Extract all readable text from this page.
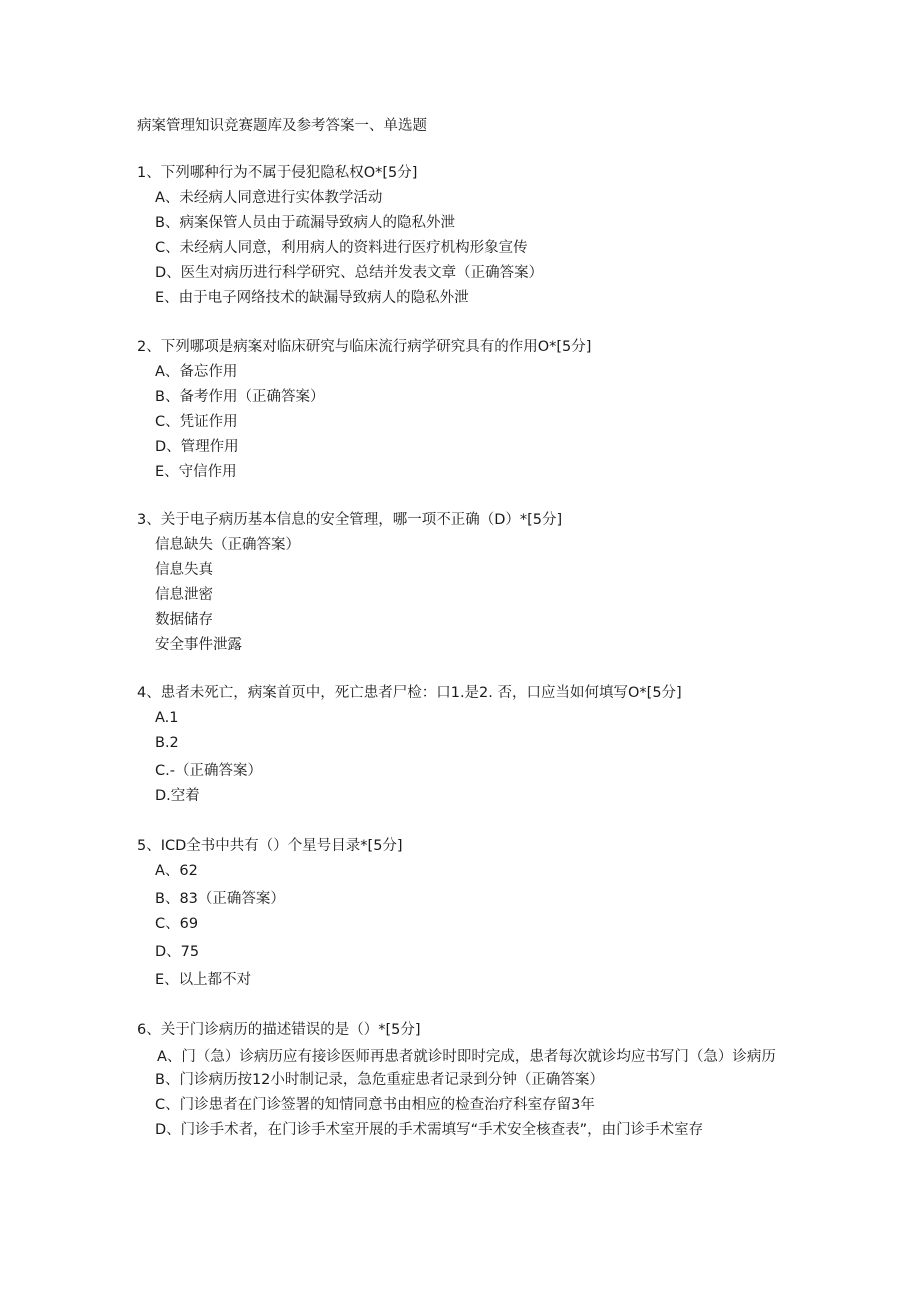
病案管理知识竞赛题库及参考答案一、单选题
1、下列哪种行为不属于侵犯隐私权O*[5分]
A、未经病人同意进行实体教学活动
B、病案保管人员由于疏漏导致病人的隐私外泄
C、未经病人同意，利用病人的资料进行医疗机构形象宣传
D、医生对病历进行科学研究、总结并发表文章（正确答案）
E、由于电子网络技术的缺漏导致病人的隐私外泄
2、下列哪项是病案对临床研究与临床流行病学研究具有的作用O*[5分]
A、备忘作用
B、备考作用（正确答案）
C、凭证作用
D、管理作用
E、守信作用
3、关于电子病历基本信息的安全管理，哪一项不正确（D）*[5分]
信息缺失（正确答案）
信息失真
信息泄密
数据储存
安全事件泄露
4、患者未死亡，病案首页中，死亡患者尸检：口1.是2. 否，口应当如何填写O*[5分]
A.1
B.2
C.-（正确答案）
D.空着
5、ICD全书中共有（）个星号目录*[5分]
A、62
B、83（正确答案）
C、69
D、75
E、以上都不对
6、关于门诊病历的描述错误的是（）*[5分]
A、门（急）诊病历应有接诊医师再患者就诊时即时完成，患者每次就诊均应书写门（急）诊病历
B、门诊病历按12小时制记录，急危重症患者记录到分钟（正确答案）
C、门诊患者在门诊签署的知情同意书由相应的检查治疗科室存留3年
D、门诊手术者，在门诊手术室开展的手术需填写“手术安全核查表”，由门诊手术室存
